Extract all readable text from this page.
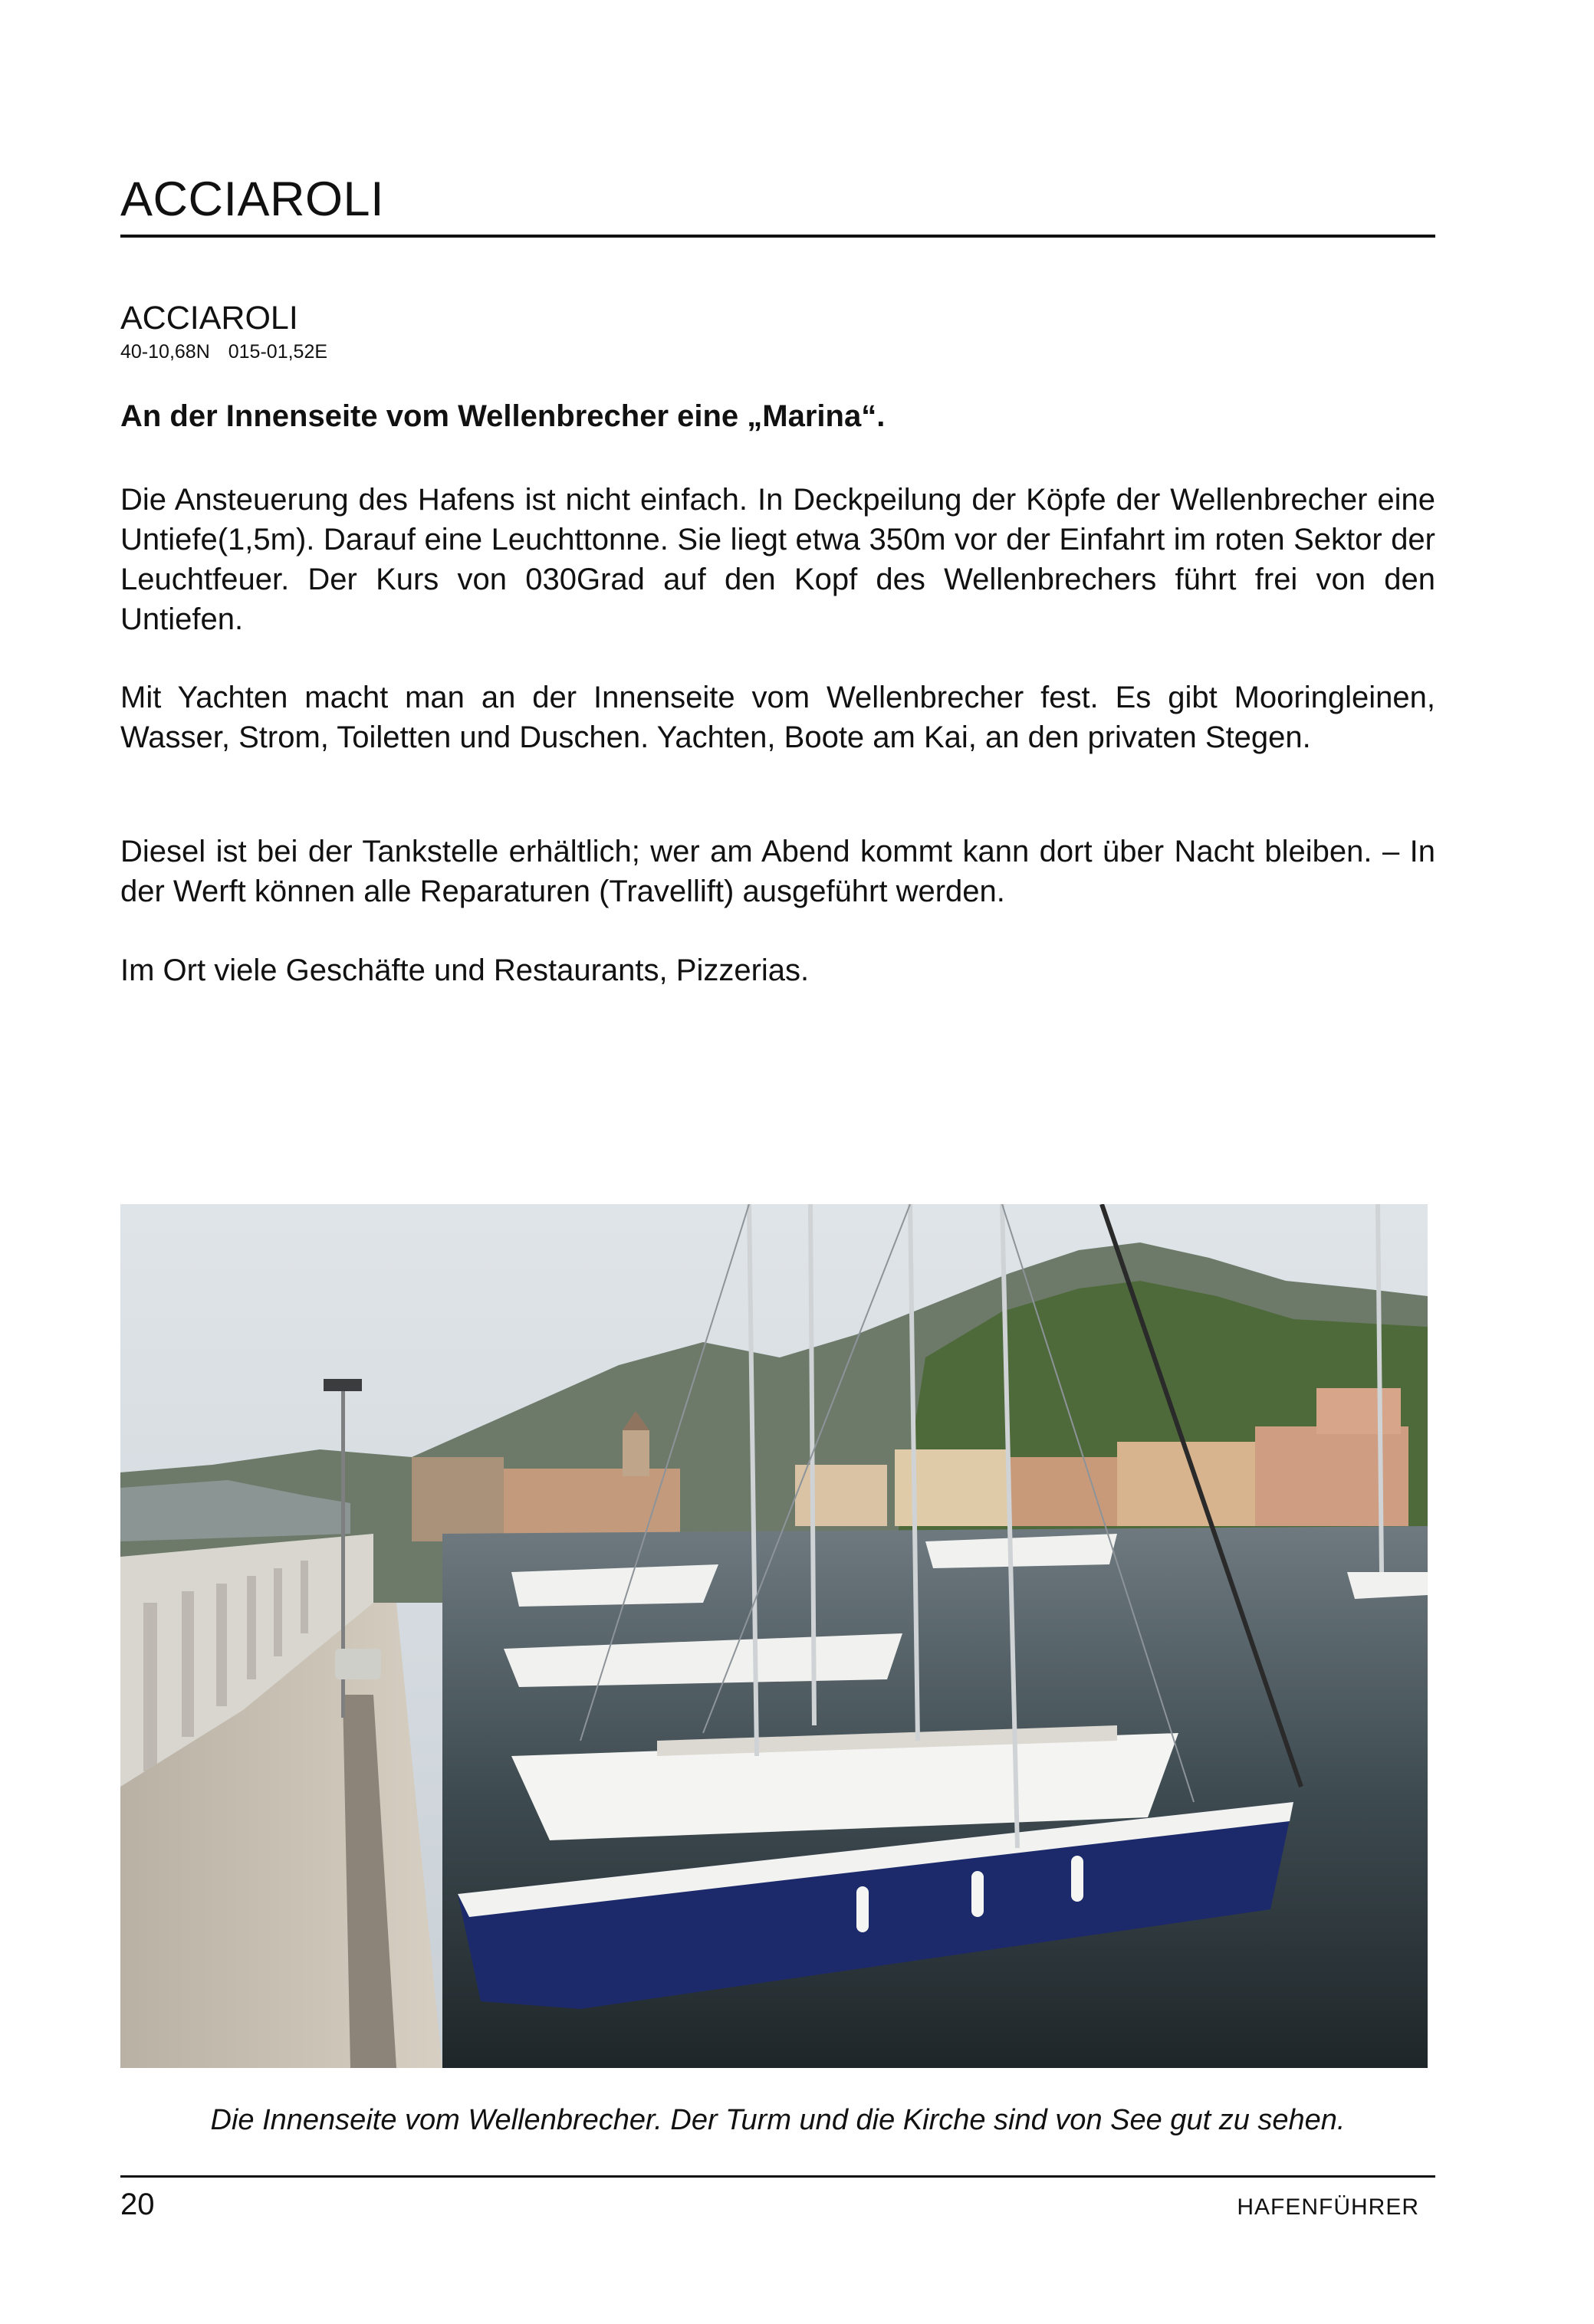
ACCIAROLI
ACCIAROLI
40-10,68N 015-01,52E

An der Innenseite vom Wellenbrecher eine „Marina“.

Die Ansteuerung des Hafens ist nicht einfach. In Deckpeilung der Köpfe der Wellenbrecher eine Untiefe(1,5m). Darauf eine Leuchttonne. Sie liegt etwa 350m vor der Einfahrt im roten Sektor der Leuchtfeuer. Der Kurs von 030Grad auf den Kopf des Wellenbrechers führt frei von den Untiefen.

Mit Yachten macht man an der Innenseite vom Wellenbrecher fest. Es gibt Mooringleinen, Wasser, Strom, Toiletten und Duschen. Yachten, Boote am Kai, an den privaten Stegen.

Diesel ist bei der Tankstelle erhältlich; wer am Abend kommt kann dort über Nacht bleiben. – In der Werft können alle Reparaturen (Travellift) ausgeführt werden.

Im Ort viele Geschäfte und Restaurants, Pizzerias.

Die Innenseite vom Wellenbrecher. Der Turm und die Kirche sind von See gut zu sehen.
20	HAFENFÜHRER
